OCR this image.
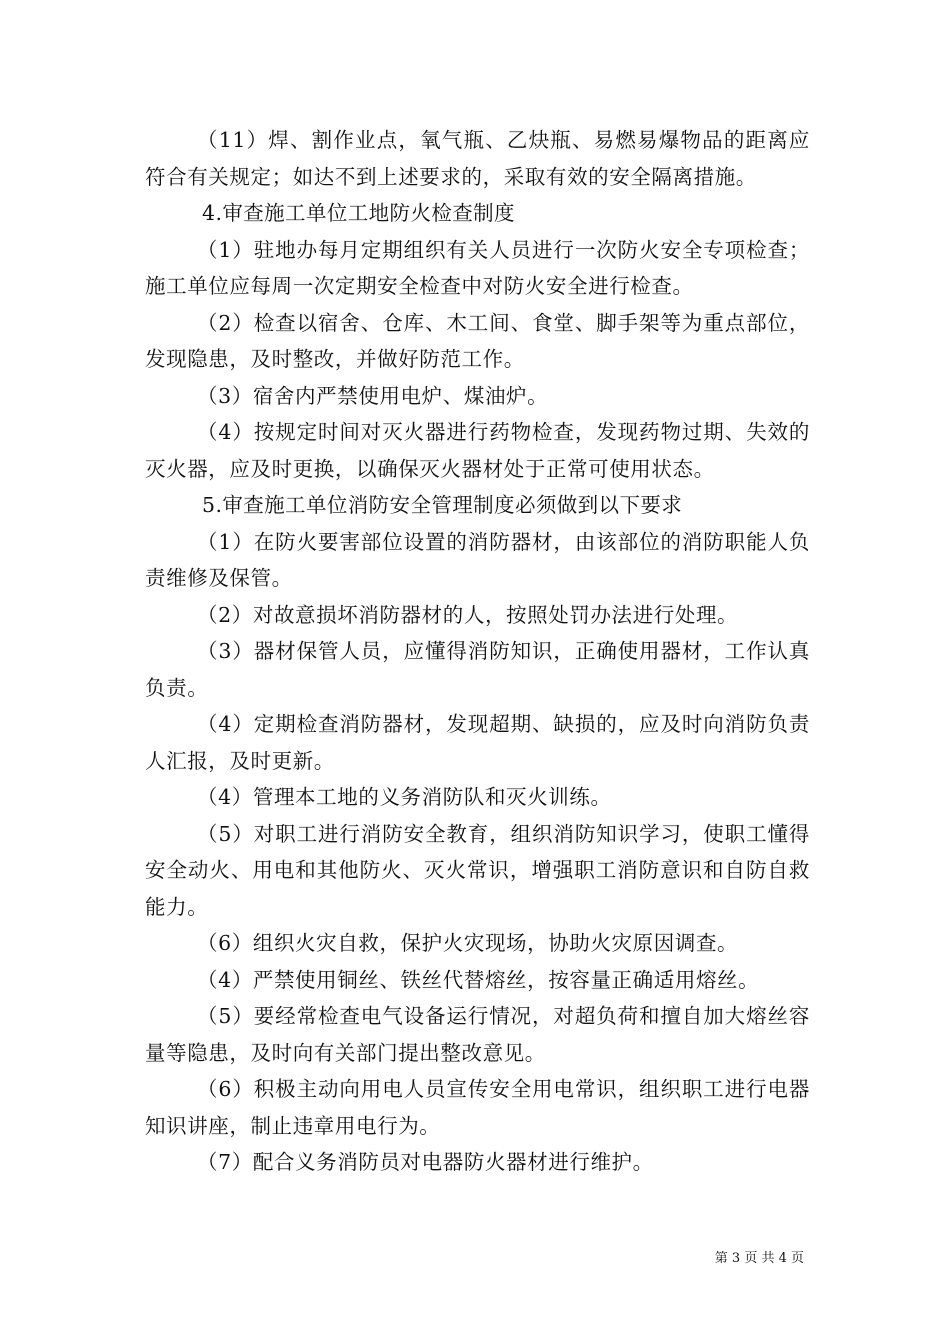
（11）焊、割作业点，氧气瓶、乙炔瓶、易燃易爆物品的距离应符合有关规定；如达不到上述要求的，采取有效的安全隔离措施。

4.审查施工单位工地防火检查制度

（1）驻地办每月定期组织有关人员进行一次防火安全专项检查；施工单位应每周一次定期安全检查中对防火安全进行检查。

（2）检查以宿舍、仓库、木工间、食堂、脚手架等为重点部位，发现隐患，及时整改，并做好防范工作。

（3）宿舍内严禁使用电炉、煤油炉。

（4）按规定时间对灭火器进行药物检查，发现药物过期、失效的灭火器，应及时更换，以确保灭火器材处于正常可使用状态。

5.审查施工单位消防安全管理制度必须做到以下要求

（1）在防火要害部位设置的消防器材，由该部位的消防职能人负责维修及保管。

（2）对故意损坏消防器材的人，按照处罚办法进行处理。

（3）器材保管人员，应懂得消防知识，正确使用器材，工作认真负责。

（4）定期检查消防器材，发现超期、缺损的，应及时向消防负责人汇报，及时更新。

（4）管理本工地的义务消防队和灭火训练。

（5）对职工进行消防安全教育，组织消防知识学习，使职工懂得安全动火、用电和其他防火、灭火常识，增强职工消防意识和自防自救能力。

（6）组织火灾自救，保护火灾现场，协助火灾原因调查。

（4）严禁使用铜丝、铁丝代替熔丝，按容量正确适用熔丝。

（5）要经常检查电气设备运行情况，对超负荷和擅自加大熔丝容量等隐患，及时向有关部门提出整改意见。

（6）积极主动向用电人员宣传安全用电常识，组织职工进行电器知识讲座，制止违章用电行为。

（7）配合义务消防员对电器防火器材进行维护。

第 3 页 共 4 页
